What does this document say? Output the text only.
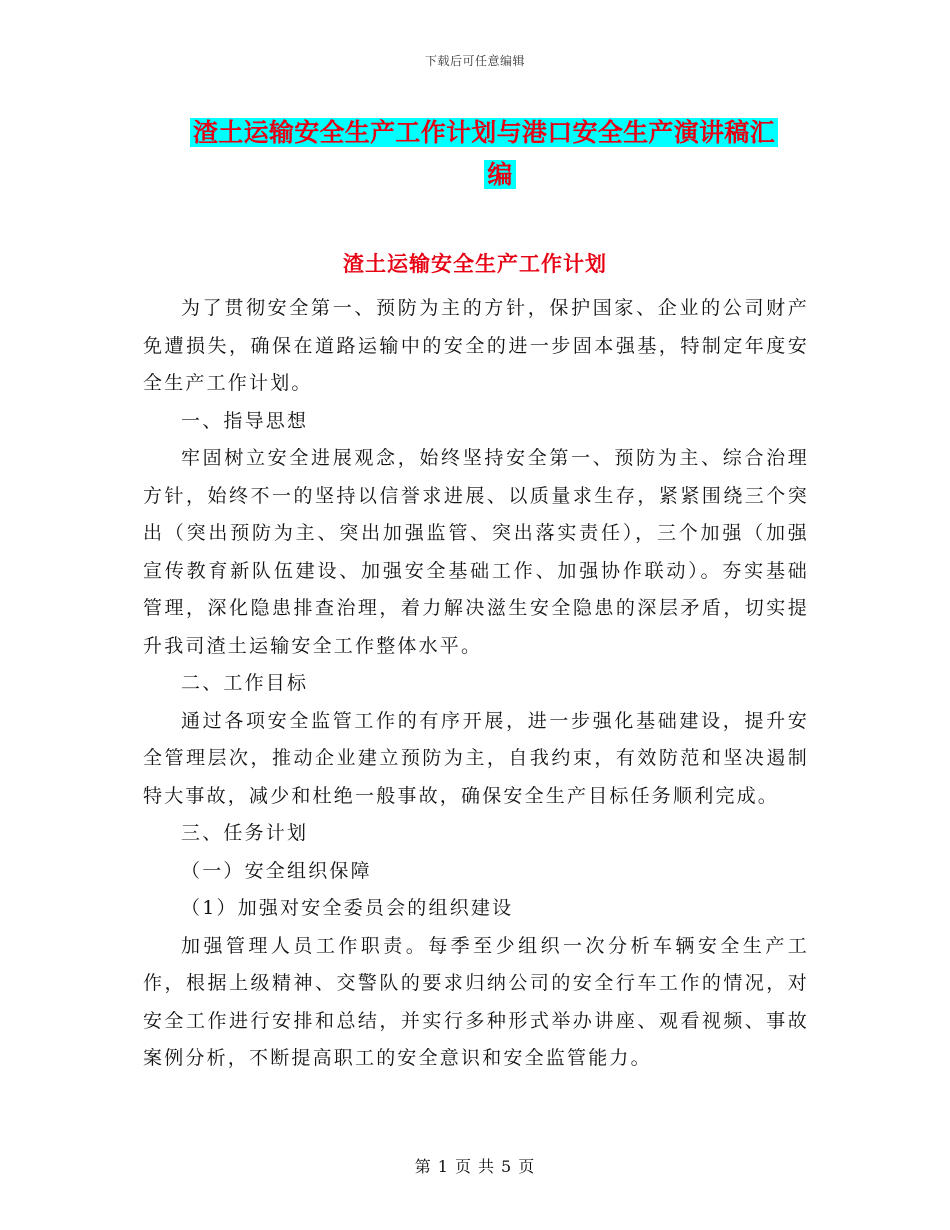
下载后可任意编辑
渣土运输安全生产工作计划与港口安全生产演讲稿汇
编
渣土运输安全生产工作计划

为了贯彻安全第一、预防为主的方针，保护国家、企业的公司财产免遭损失，确保在道路运输中的安全的进一步固本强基，特制定年度安全生产工作计划。

一、指导思想

牢固树立安全进展观念，始终坚持安全第一、预防为主、综合治理方针，始终不一的坚持以信誉求进展、以质量求生存，紧紧围绕三个突出（突出预防为主、突出加强监管、突出落实责任），三个加强（加强宣传教育新队伍建设、加强安全基础工作、加强协作联动）。夯实基础管理，深化隐患排查治理，着力解决滋生安全隐患的深层矛盾，切实提升我司渣土运输安全工作整体水平。

二、工作目标

通过各项安全监管工作的有序开展，进一步强化基础建设，提升安全管理层次，推动企业建立预防为主，自我约束，有效防范和坚决遏制特大事故，减少和杜绝一般事故，确保安全生产目标任务顺利完成。

三、任务计划

（一）安全组织保障

（1）加强对安全委员会的组织建设

加强管理人员工作职责。每季至少组织一次分析车辆安全生产工作，根据上级精神、交警队的要求归纳公司的安全行车工作的情况，对安全工作进行安排和总结，并实行多种形式举办讲座、观看视频、事故案例分析，不断提高职工的安全意识和安全监管能力。

第 1 页 共 5 页
